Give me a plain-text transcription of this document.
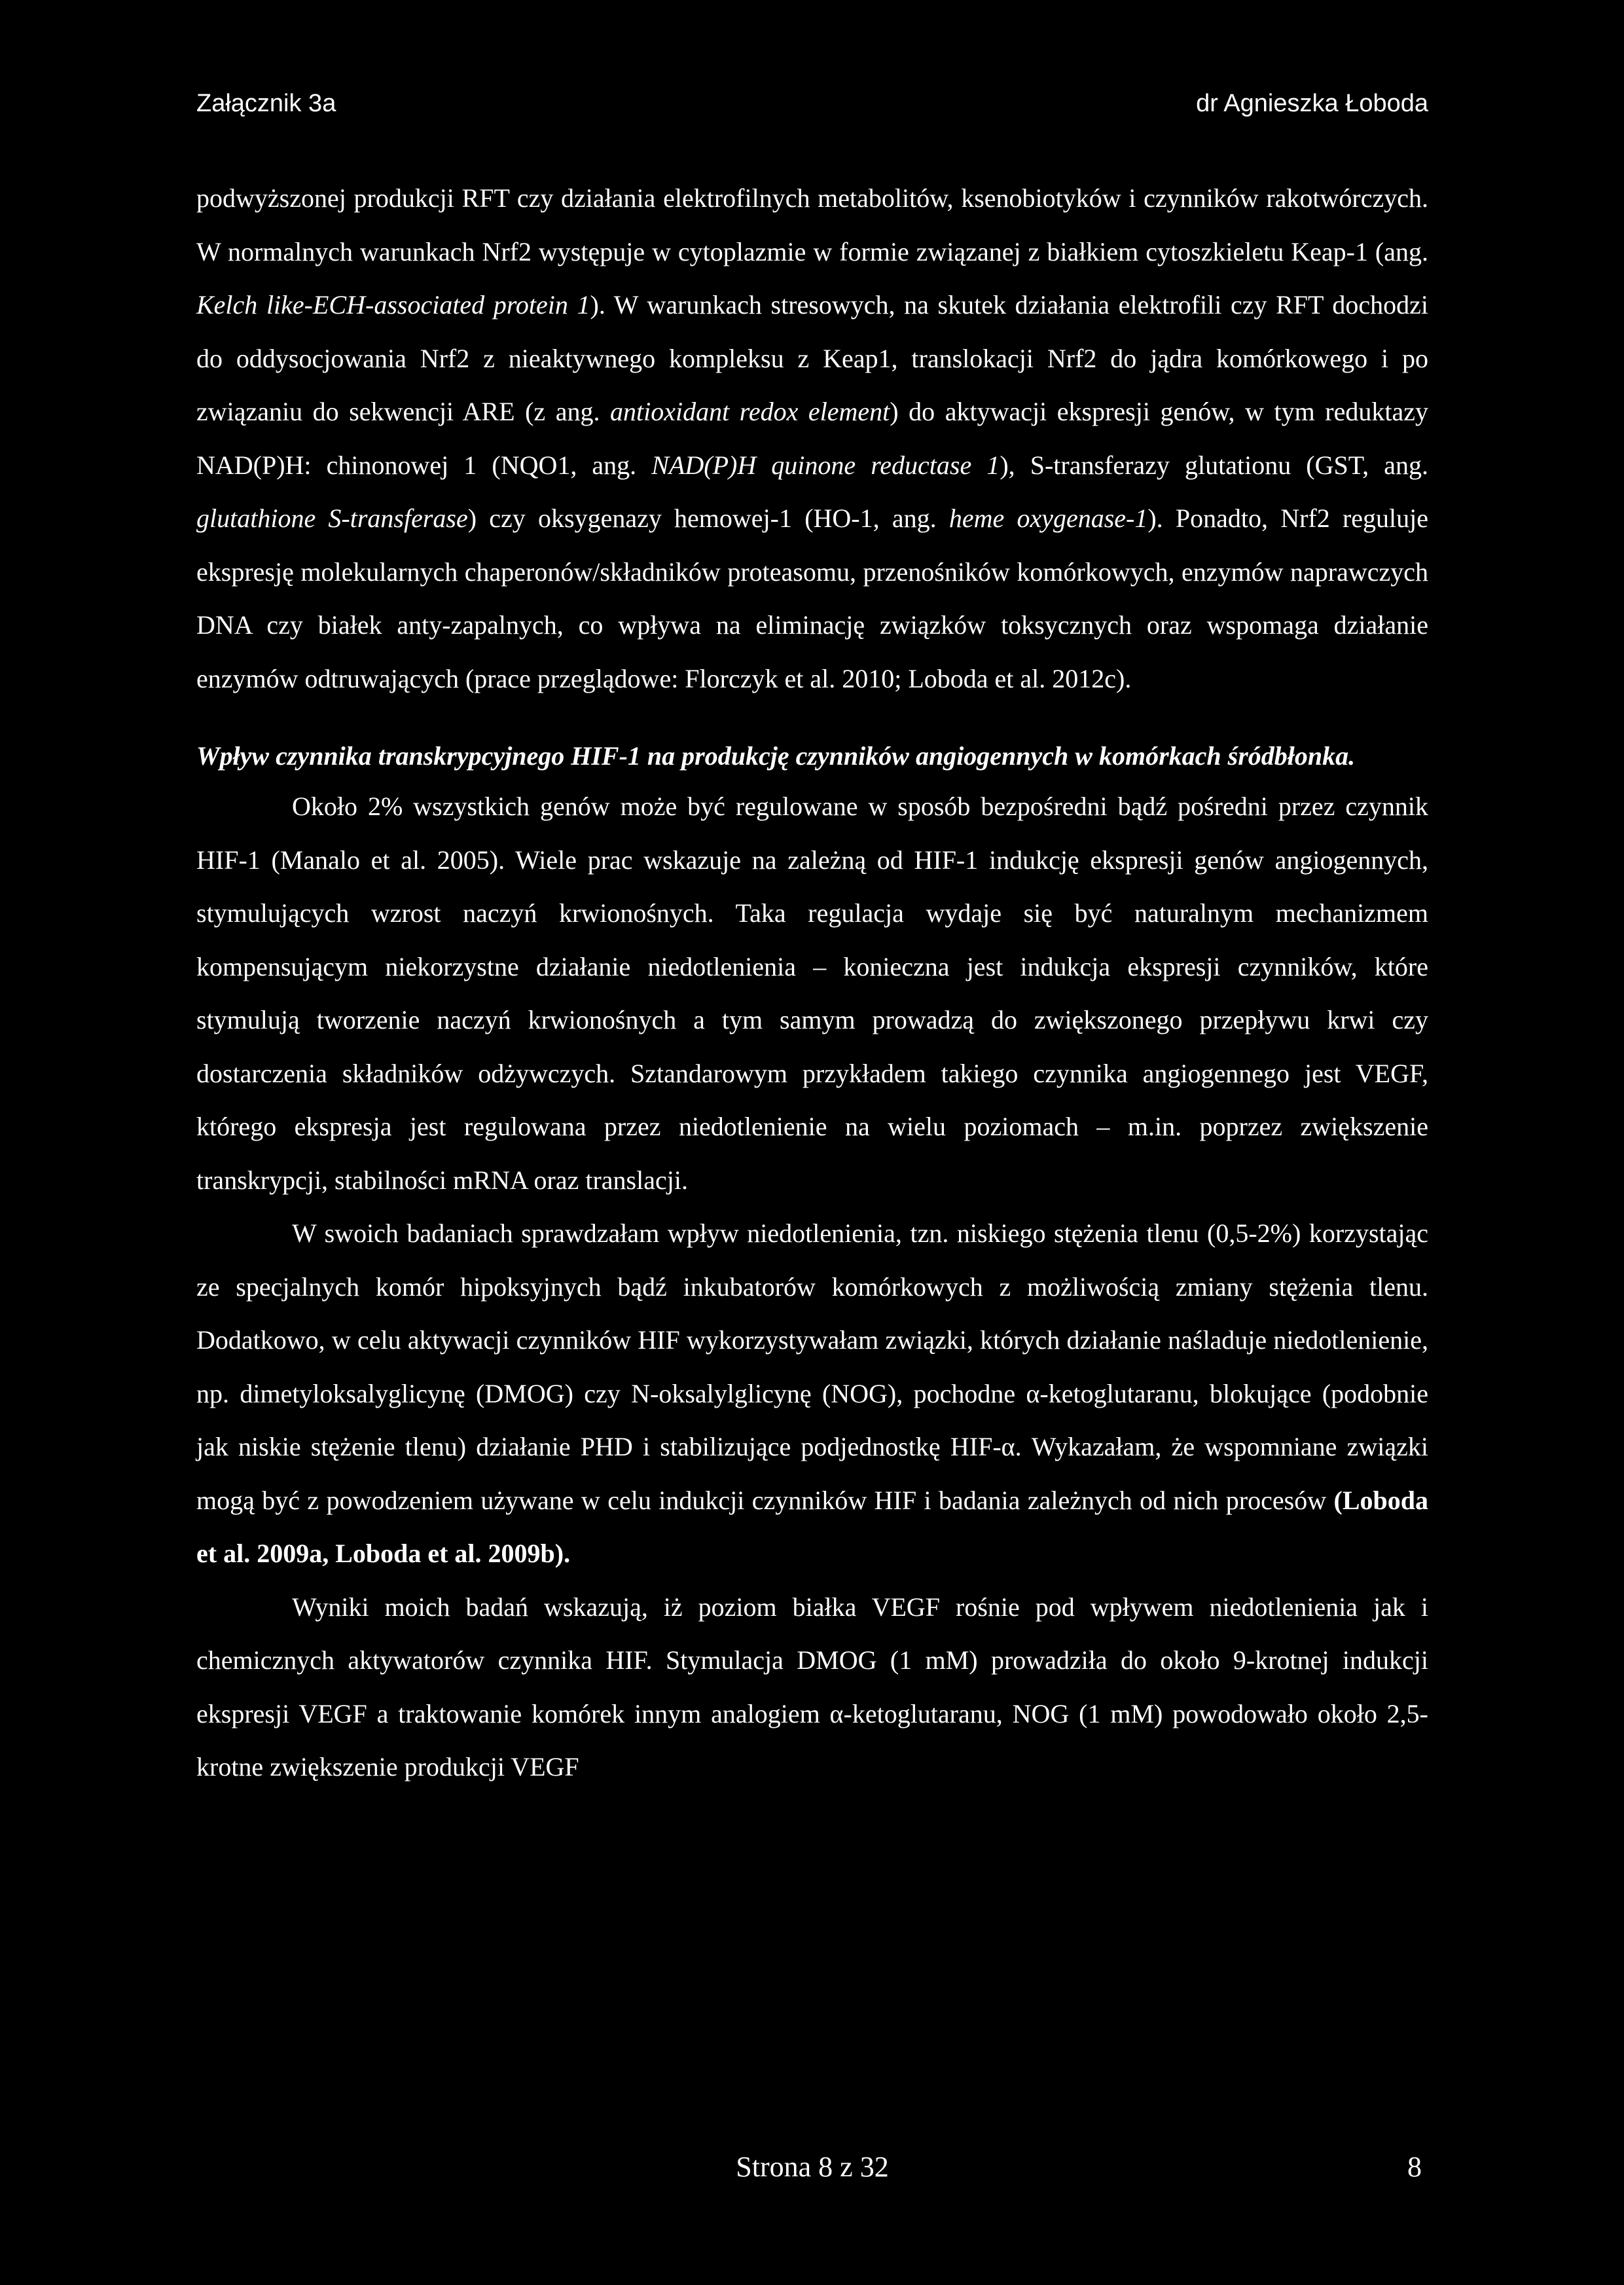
Załącznik 3a	dr Agnieszka Łoboda

podwyższonej produkcji RFT czy działania elektrofilnych metabolitów, ksenobiotyków i czynników rakotwórczych. W normalnych warunkach Nrf2 występuje w cytoplazmie w formie związanej z białkiem cytoszkieletu Keap-1 (ang. Kelch like-ECH-associated protein 1). W warunkach stresowych, na skutek działania elektrofili czy RFT dochodzi do oddysocjowania Nrf2 z nieaktywnego kompleksu z Keap1, translokacji Nrf2 do jądra komórkowego i po związaniu do sekwencji ARE (z ang. antioxidant redox element) do aktywacji ekspresji genów, w tym reduktazy NAD(P)H: chinonowej 1 (NQO1, ang. NAD(P)H quinone reductase 1), S-transferazy glutationu (GST, ang. glutathione S-transferase) czy oksygenazy hemowej-1 (HO-1, ang. heme oxygenase-1). Ponadto, Nrf2 reguluje ekspresję molekularnych chaperonów/składników proteasomu, przenośników komórkowych, enzymów naprawczych DNA czy białek anty-zapalnych, co wpływa na eliminację związków toksycznych oraz wspomaga działanie enzymów odtruwających (prace przeglądowe: Florczyk et al. 2010; Loboda et al. 2012c).

Wpływ czynnika transkrypcyjnego HIF-1 na produkcję czynników angiogennych w komórkach śródbłonka.

Około 2% wszystkich genów może być regulowane w sposób bezpośredni bądź pośredni przez czynnik HIF-1 (Manalo et al. 2005). Wiele prac wskazuje na zależną od HIF-1 indukcję ekspresji genów angiogennych, stymulujących wzrost naczyń krwionośnych. Taka regulacja wydaje się być naturalnym mechanizmem kompensującym niekorzystne działanie niedotlenienia – konieczna jest indukcja ekspresji czynników, które stymulują tworzenie naczyń krwionośnych a tym samym prowadzą do zwiększonego przepływu krwi czy dostarczenia składników odżywczych. Sztandarowym przykładem takiego czynnika angiogennego jest VEGF, którego ekspresja jest regulowana przez niedotlenienie na wielu poziomach – m.in. poprzez zwiększenie transkrypcji, stabilności mRNA oraz translacji.

W swoich badaniach sprawdzałam wpływ niedotlenienia, tzn. niskiego stężenia tlenu (0,5-2%) korzystając ze specjalnych komór hipoksyjnych bądź inkubatorów komórkowych z możliwością zmiany stężenia tlenu. Dodatkowo, w celu aktywacji czynników HIF wykorzystywałam związki, których działanie naśladuje niedotlenienie, np. dimetyloksalyglicynę (DMOG) czy N-oksalylglicynę (NOG), pochodne α-ketoglutaranu, blokujące (podobnie jak niskie stężenie tlenu) działanie PHD i stabilizujące podjednostkę HIF-α. Wykazałam, że wspomniane związki mogą być z powodzeniem używane w celu indukcji czynników HIF i badania zależnych od nich procesów (Loboda et al. 2009a, Loboda et al. 2009b).

Wyniki moich badań wskazują, iż poziom białka VEGF rośnie pod wpływem niedotlenienia jak i chemicznych aktywatorów czynnika HIF. Stymulacja DMOG (1 mM) prowadziła do około 9-krotnej indukcji ekspresji VEGF a traktowanie komórek innym analogiem α-ketoglutaranu, NOG (1 mM) powodowało około 2,5-krotne zwiększenie produkcji VEGF

Strona 8 z 32	8
